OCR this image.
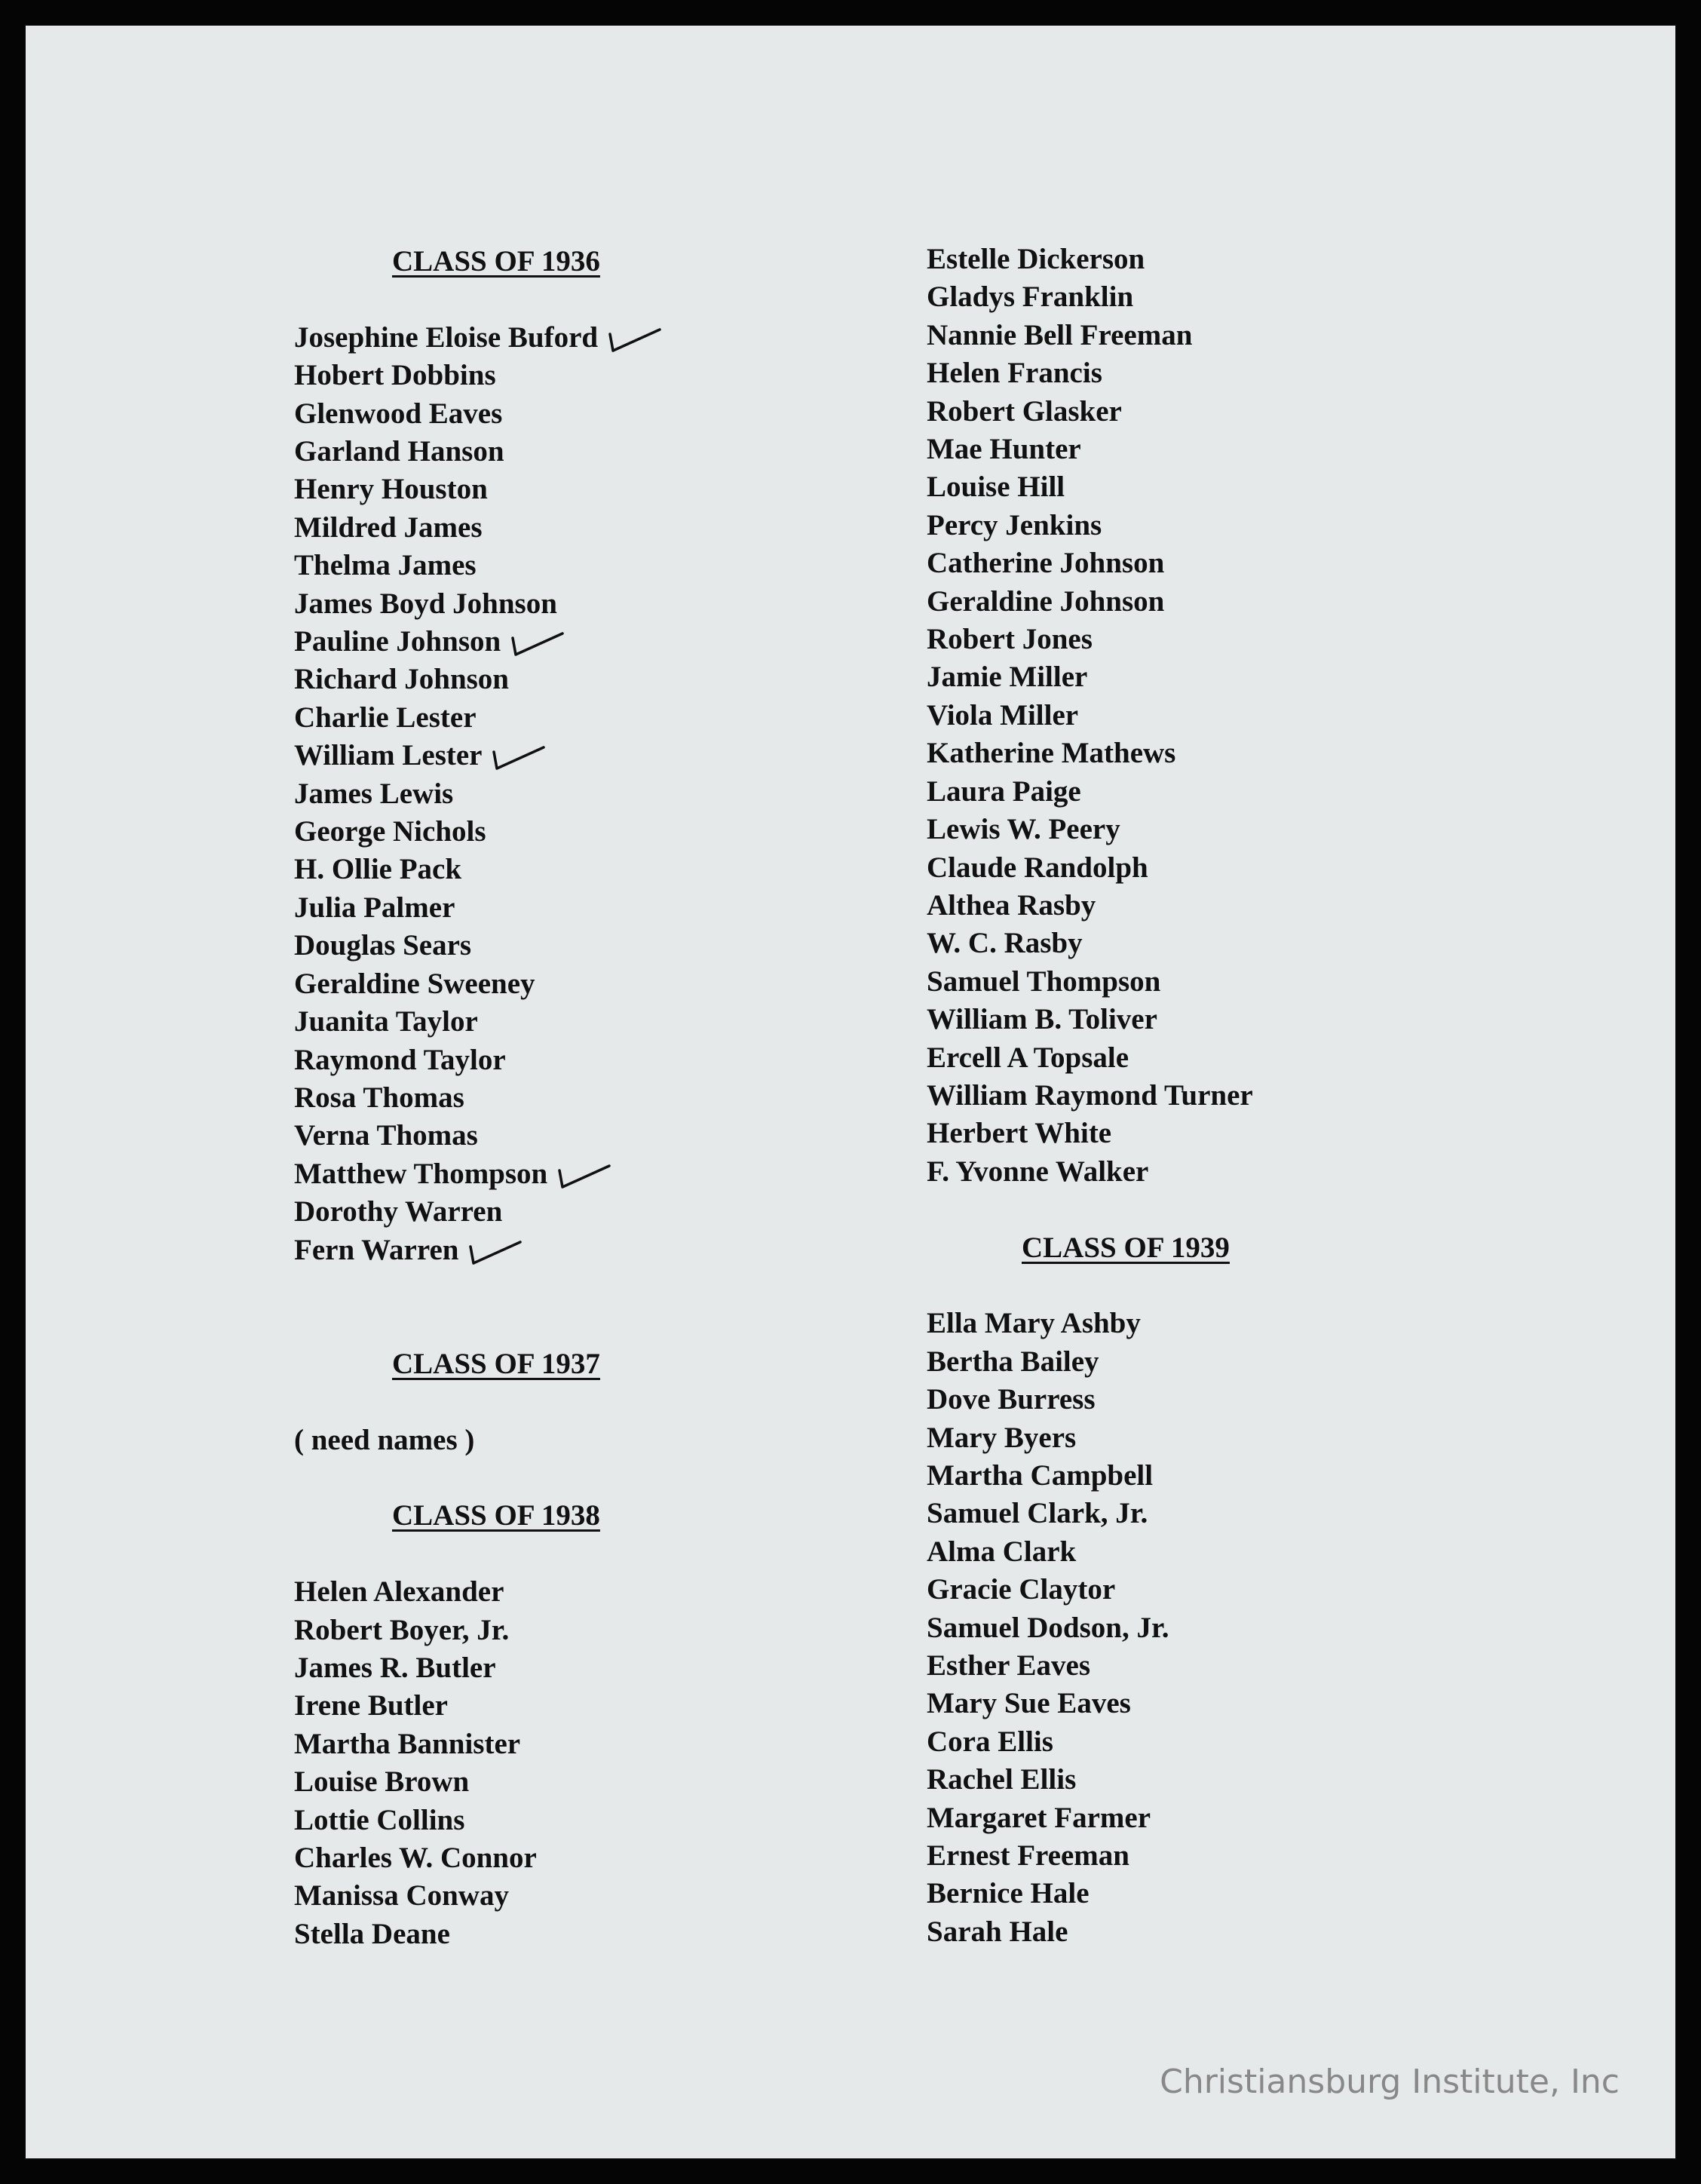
CLASS OF 1936
Josephine Eloise Buford
Hobert Dobbins
Glenwood Eaves
Garland Hanson
Henry Houston
Mildred James
Thelma James
James Boyd Johnson
Pauline Johnson
Richard Johnson
Charlie Lester
William Lester
James Lewis
George Nichols
H. Ollie Pack
Julia Palmer
Douglas Sears
Geraldine Sweeney
Juanita Taylor
Raymond Taylor
Rosa Thomas
Verna Thomas
Matthew Thompson
Dorothy Warren
Fern Warren
CLASS OF 1937
( need names )
CLASS OF 1938
Helen Alexander
Robert Boyer, Jr.
James R. Butler
Irene Butler
Martha Bannister
Louise Brown
Lottie Collins
Charles W. Connor
Manissa Conway
Stella Deane
Estelle Dickerson
Gladys Franklin
Nannie Bell Freeman
Helen Francis
Robert Glasker
Mae Hunter
Louise Hill
Percy Jenkins
Catherine Johnson
Geraldine Johnson
Robert Jones
Jamie Miller
Viola Miller
Katherine Mathews
Laura Paige
Lewis W. Peery
Claude Randolph
Althea Rasby
W. C. Rasby
Samuel Thompson
William B. Toliver
Ercell A Topsale
William Raymond Turner
Herbert White
F. Yvonne Walker
CLASS OF 1939
Ella Mary Ashby
Bertha Bailey
Dove Burress
Mary Byers
Martha Campbell
Samuel Clark, Jr.
Alma Clark
Gracie Claytor
Samuel Dodson, Jr.
Esther Eaves
Mary Sue Eaves
Cora Ellis
Rachel Ellis
Margaret Farmer
Ernest Freeman
Bernice Hale
Sarah Hale
Christiansburg Institute, Inc
